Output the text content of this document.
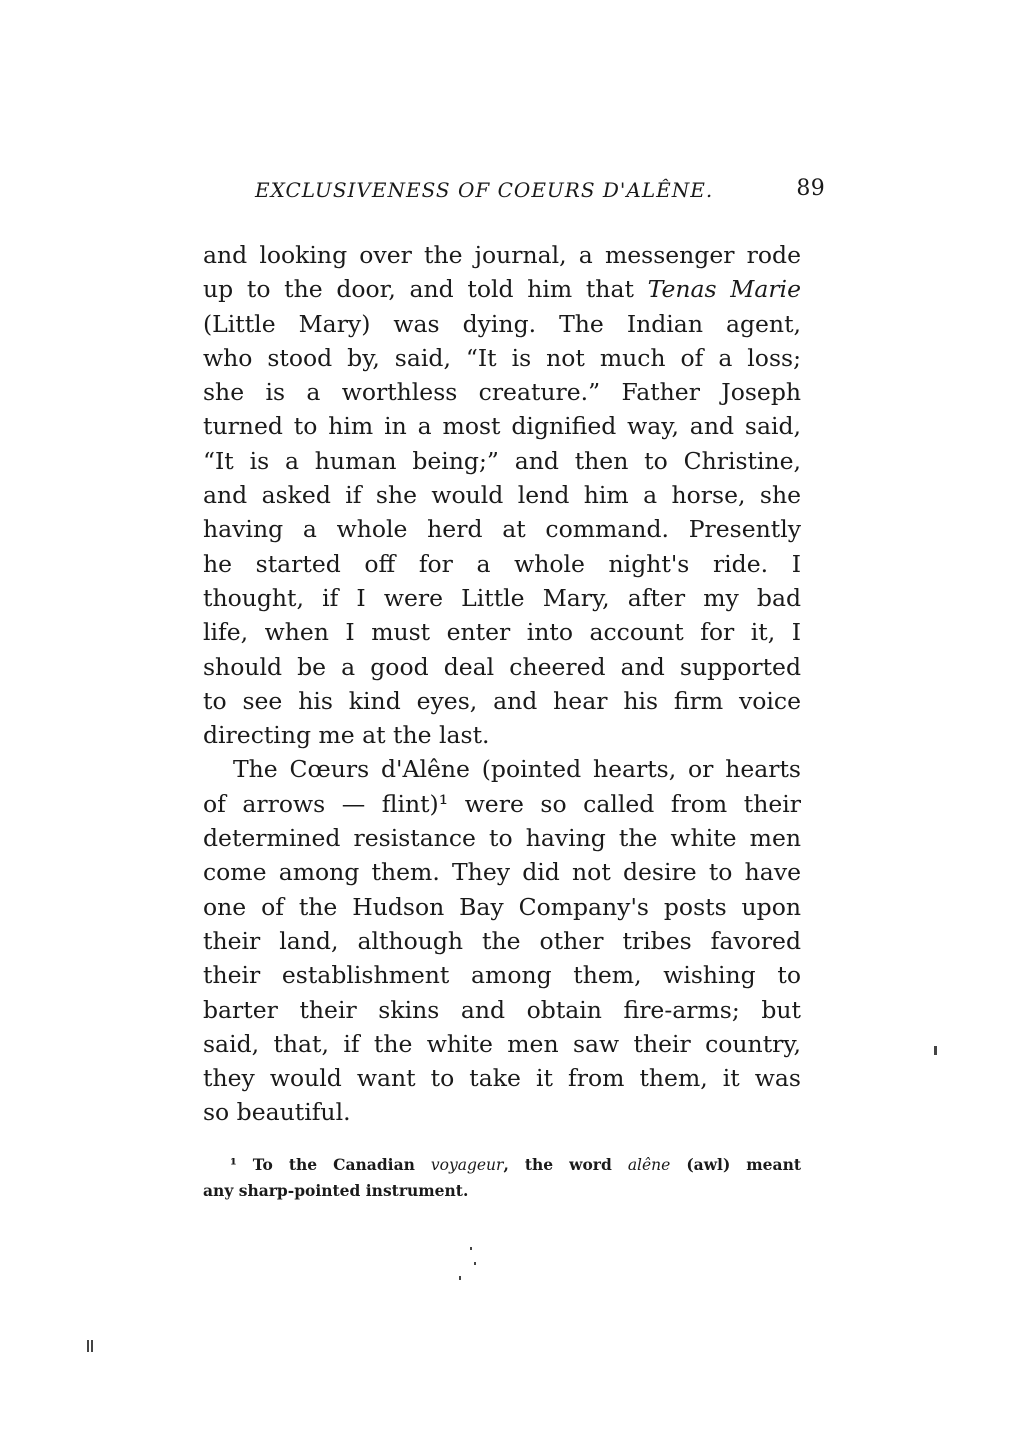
EXCLUSIVENESS OF COEURS D'ALÊNE.	89
and looking over the journal, a messenger rode
up to the door, and told him that Tenas Marie
(Little Mary) was dying. The Indian agent,
who stood by, said, “It is not much of a loss;
she is a worthless creature.” Father Joseph
turned to him in a most dignified way, and said,
“It is a human being;” and then to Christine,
and asked if she would lend him a horse, she
having a whole herd at command. Presently
he started off for a whole night's ride. I
thought, if I were Little Mary, after my bad
life, when I must enter into account for it, I
should be a good deal cheered and supported
to see his kind eyes, and hear his firm voice
directing me at the last.
The Cœurs d'Alêne (pointed hearts, or hearts
of arrows — flint)¹ were so called from their
determined resistance to having the white men
come among them. They did not desire to have
one of the Hudson Bay Company's posts upon
their land, although the other tribes favored
their establishment among them, wishing to
barter their skins and obtain fire-arms; but
said, that, if the white men saw their country,
they would want to take it from them, it was
so beautiful.
¹ To the Canadian voyageur, the word alêne (awl) meant
any sharp-pointed instrument.
